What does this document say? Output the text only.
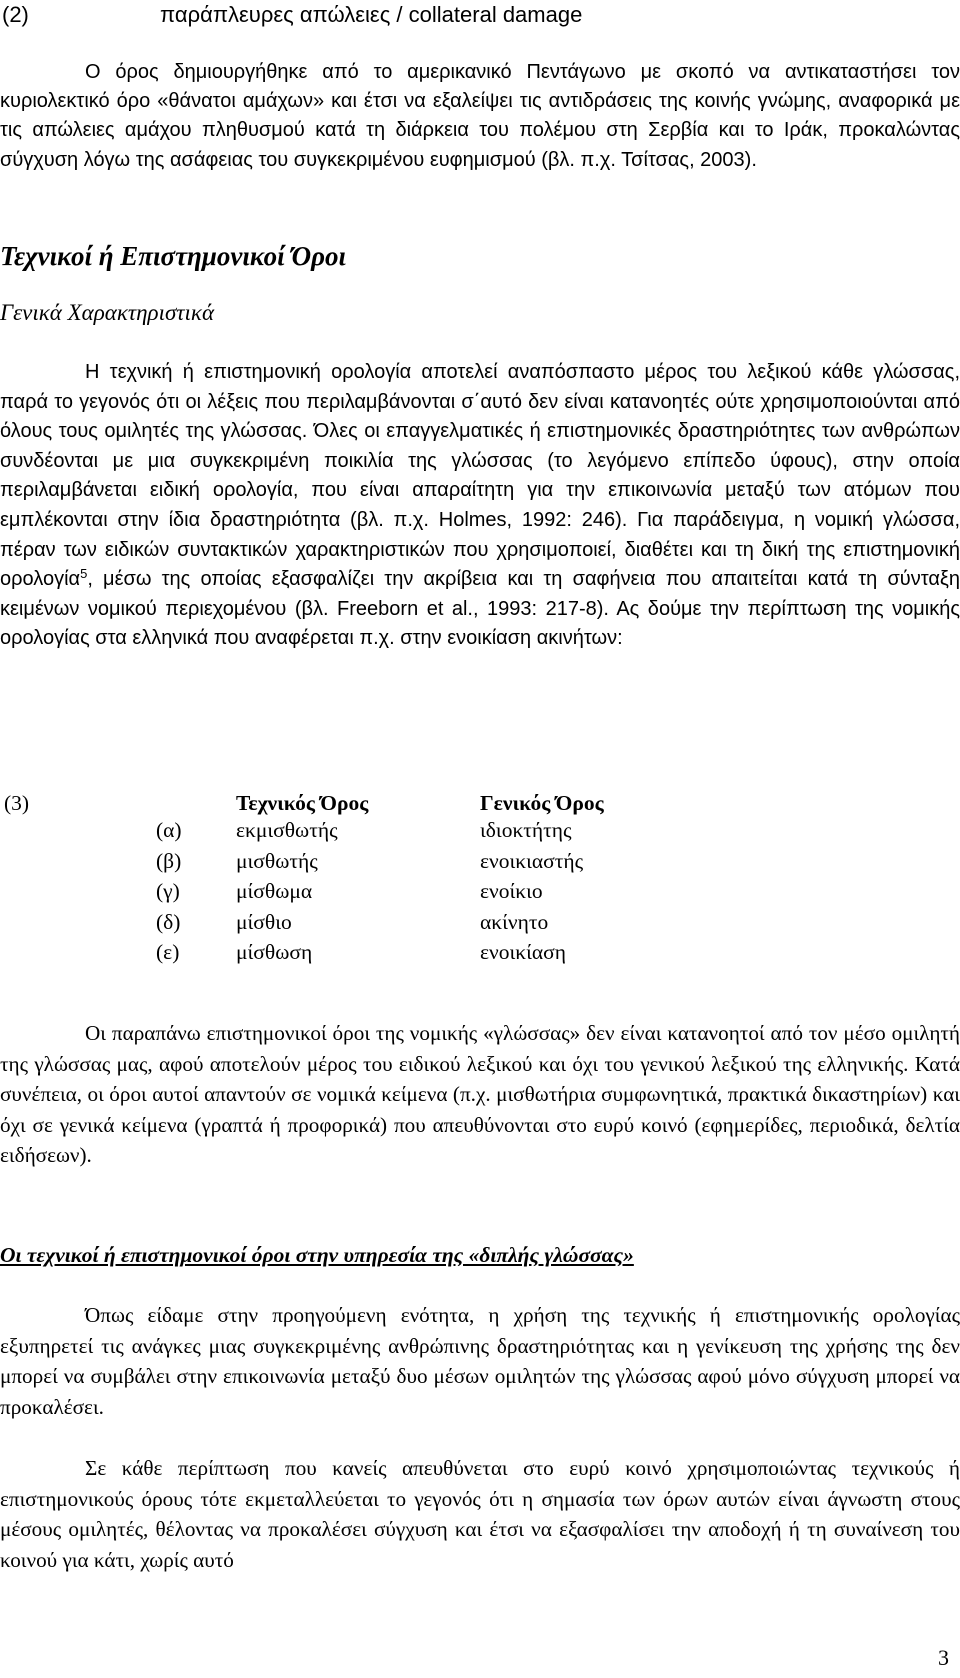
(2)	παράπλευρες απώλειες / collateral damage

Ο όρος δημιουργήθηκε από το αμερικανικό Πεντάγωνο με σκοπό να αντικαταστήσει τον κυριολεκτικό όρο «θάνατοι αμάχων» και έτσι να εξαλείψει τις αντιδράσεις της κοινής γνώμης, αναφορικά με τις απώλειες αμάχου πληθυσμού κατά τη διάρκεια του πολέμου στη Σερβία και το Ιράκ, προκαλώντας σύγχυση λόγω της ασάφειας του συγκεκριμένου ευφημισμού (βλ. π.χ. Τσίτσας, 2003).

Τεχνικοί ή Επιστημονικοί Όροι
Γενικά Χαρακτηριστικά

Η τεχνική ή επιστημονική ορολογία αποτελεί αναπόσπαστο μέρος του λεξικού κάθε γλώσσας, παρά το γεγονός ότι οι λέξεις που περιλαμβάνονται σ΄αυτό δεν είναι κατανοητές ούτε χρησιμοποιούνται από όλους τους ομιλητές της γλώσσας. Όλες οι επαγγελματικές ή επιστημονικές δραστηριότητες των ανθρώπων συνδέονται με μια συγκεκριμένη ποικιλία της γλώσσας (το λεγόμενο επίπεδο ύφους), στην οποία περιλαμβάνεται ειδική ορολογία, που είναι απαραίτητη για την επικοινωνία μεταξύ των ατόμων που εμπλέκονται στην ίδια δραστηριότητα (βλ. π.χ. Holmes, 1992: 246). Για παράδειγμα, η νομική γλώσσα, πέραν των ειδικών συντακτικών χαρακτηριστικών που χρησιμοποιεί, διαθέτει και τη δική της επιστημονική ορολογία$^5$, μέσω της οποίας εξασφαλίζει την ακρίβεια και τη σαφήνεια που απαιτείται κατά τη σύνταξη κειμένων νομικού περιεχομένου (βλ. Freeborn et al., 1993: 217-8). Ας δούμε την περίπτωση της νομικής ορολογίας στα ελληνικά που αναφέρεται π.χ. στην ενοικίαση ακινήτων:

(3)		Τεχνικός Όρος	Γενικός Όρος
	(α)	εκμισθωτής	ιδιοκτήτης
	(β)	μισθωτής	ενοικιαστής
	(γ)	μίσθωμα	ενοίκιο
	(δ)	μίσθιο	ακίνητο
	(ε)	μίσθωση	ενοικίαση

Οι παραπάνω επιστημονικοί όροι της νομικής «γλώσσας» δεν είναι κατανοητοί από τον μέσο ομιλητή της γλώσσας μας, αφού αποτελούν μέρος του ειδικού λεξικού και όχι του γενικού λεξικού της ελληνικής. Κατά συνέπεια, οι όροι αυτοί απαντούν σε νομικά κείμενα (π.χ. μισθωτήρια συμφωνητικά, πρακτικά δικαστηρίων) και όχι σε γενικά κείμενα (γραπτά ή προφορικά) που απευθύνονται στο ευρύ κοινό (εφημερίδες, περιοδικά, δελτία ειδήσεων).

Οι τεχνικοί ή επιστημονικοί όροι στην υπηρεσία της «διπλής γλώσσας»

Όπως είδαμε στην προηγούμενη ενότητα, η χρήση της τεχνικής ή επιστημονικής ορολογίας εξυπηρετεί τις ανάγκες μιας συγκεκριμένης ανθρώπινης δραστηριότητας και η γενίκευση της χρήσης της δεν μπορεί να συμβάλει στην επικοινωνία μεταξύ δυο μέσων ομιλητών της γλώσσας αφού μόνο σύγχυση μπορεί να προκαλέσει.

Σε κάθε περίπτωση που κανείς απευθύνεται στο ευρύ κοινό χρησιμοποιώντας τεχνικούς ή επιστημονικούς όρους τότε εκμεταλλεύεται το γεγονός ότι η σημασία των όρων αυτών είναι άγνωστη στους μέσους ομιλητές, θέλοντας να προκαλέσει σύγχυση και έτσι να εξασφαλίσει την αποδοχή ή τη συναίνεση του κοινού για κάτι, χωρίς αυτό

3
